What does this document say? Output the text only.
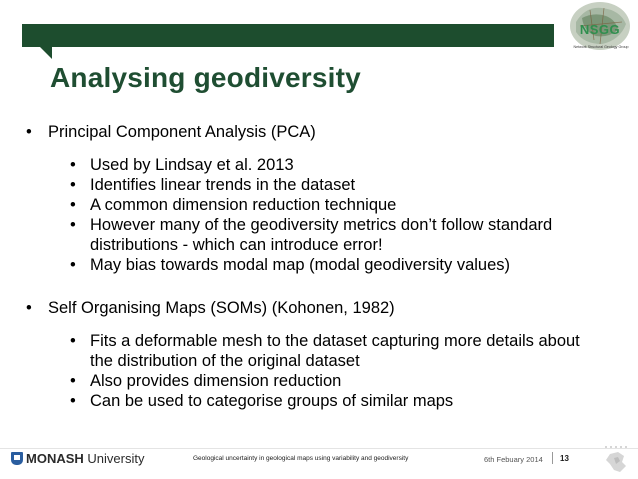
NSGG
Network Structural Geology Group
Analysing geodiversity
• Principal Component Analysis (PCA)
• Used by Lindsay et al. 2013
• Identifies linear trends in the dataset
• A common dimension reduction technique
• However many of the geodiversity metrics don’t follow standard distributions - which can introduce error!
• May bias towards modal map (modal geodiversity values)
• Self Organising Maps (SOMs) (Kohonen, 1982)
• Fits a deformable mesh to the dataset capturing more details about the distribution of the original dataset
• Also provides dimension reduction
• Can be used to categorise groups of similar maps
MONASH University	Geological uncertainty in geological maps using variability and geodiversity	6th Febuary 2014 13
